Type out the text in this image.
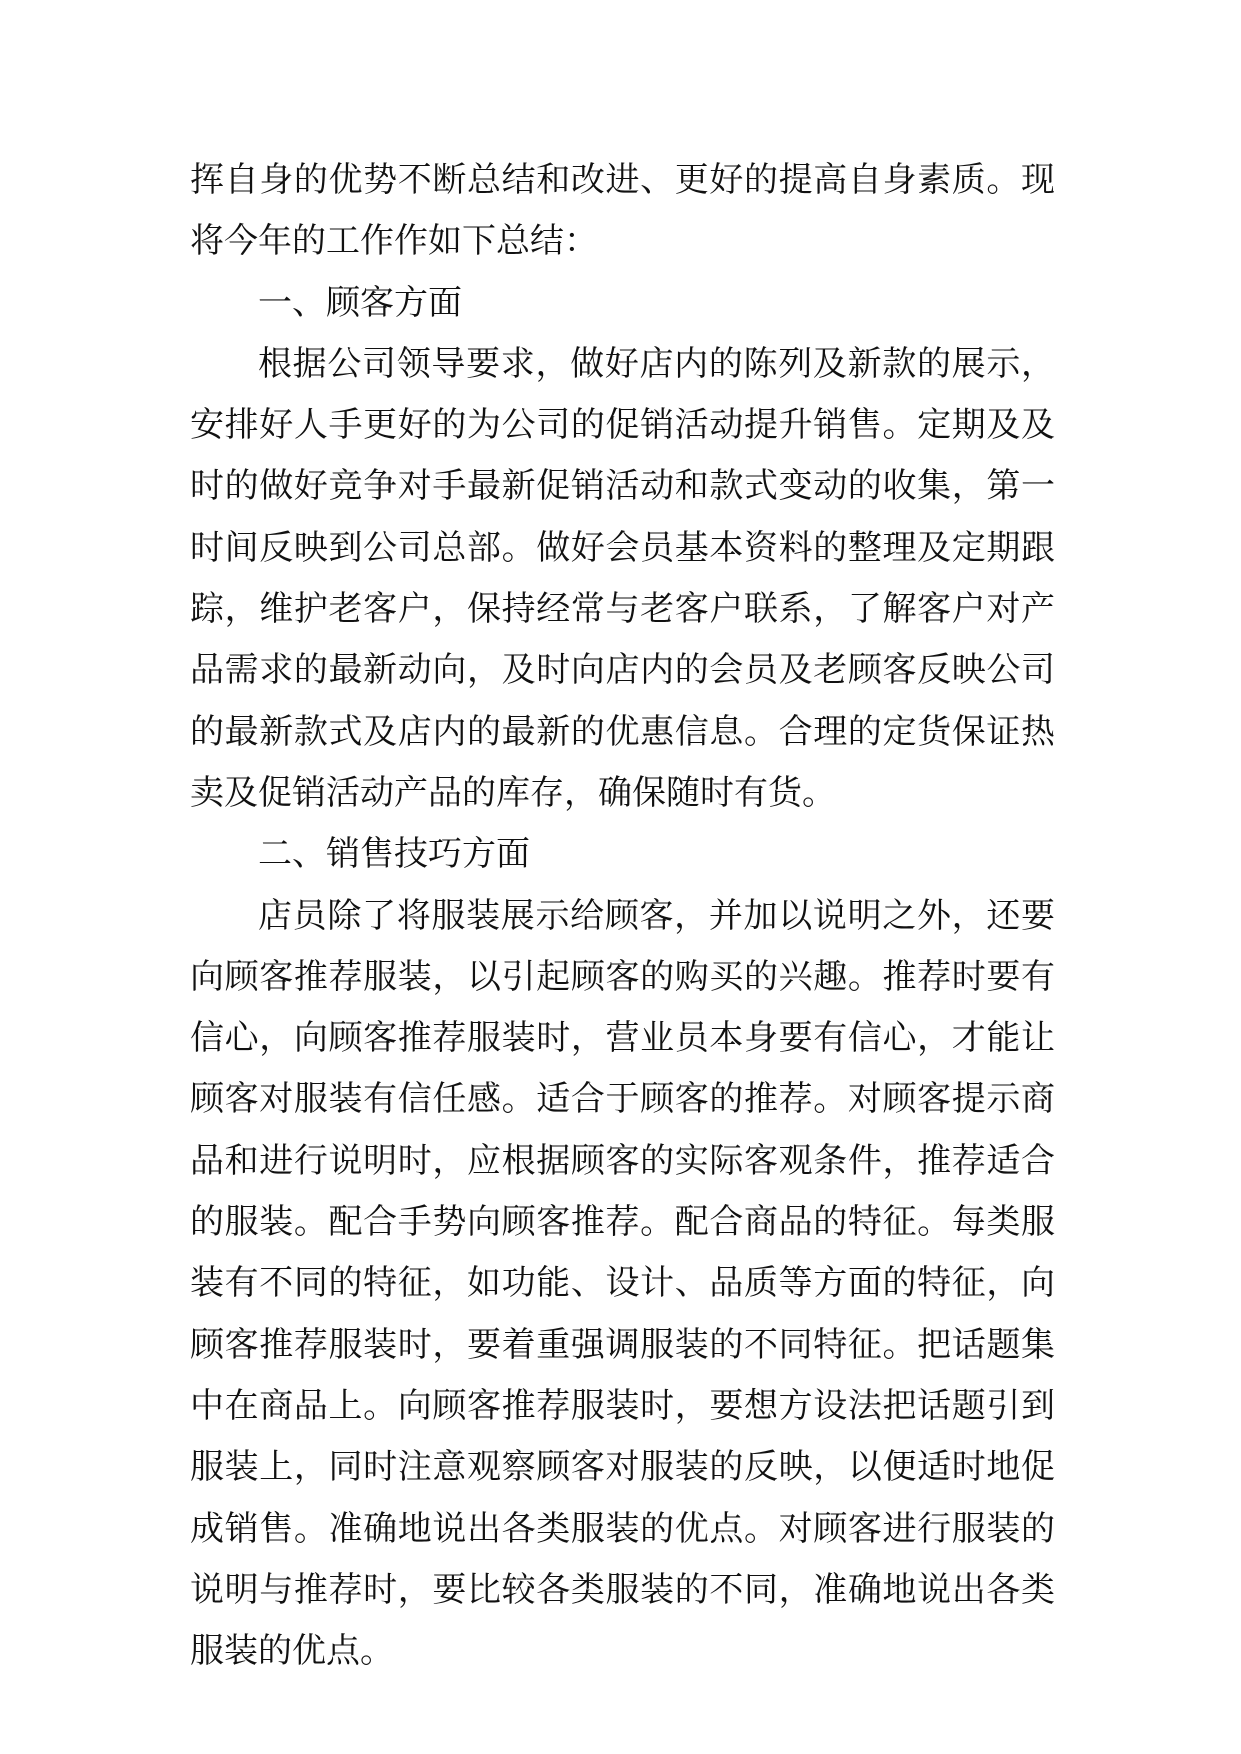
挥自身的优势不断总结和改进、更好的提高自身素质。现将今年的工作作如下总结：

一、顾客方面

根据公司领导要求，做好店内的陈列及新款的展示，安排好人手更好的为公司的促销活动提升销售。定期及及时的做好竞争对手最新促销活动和款式变动的收集，第一时间反映到公司总部。做好会员基本资料的整理及定期跟踪，维护老客户，保持经常与老客户联系，了解客户对产品需求的最新动向，及时向店内的会员及老顾客反映公司的最新款式及店内的最新的优惠信息。合理的定货保证热卖及促销活动产品的库存，确保随时有货。

二、销售技巧方面

店员除了将服装展示给顾客，并加以说明之外，还要向顾客推荐服装，以引起顾客的购买的兴趣。推荐时要有信心，向顾客推荐服装时，营业员本身要有信心，才能让顾客对服装有信任感。适合于顾客的推荐。对顾客提示商品和进行说明时，应根据顾客的实际客观条件，推荐适合的服装。配合手势向顾客推荐。配合商品的特征。每类服装有不同的特征，如功能、设计、品质等方面的特征，向顾客推荐服装时，要着重强调服装的不同特征。把话题集中在商品上。向顾客推荐服装时，要想方设法把话题引到服装上，同时注意观察顾客对服装的反映，以便适时地促成销售。准确地说出各类服装的优点。对顾客进行服装的说明与推荐时，要比较各类服装的不同，准确地说出各类服装的优点。
